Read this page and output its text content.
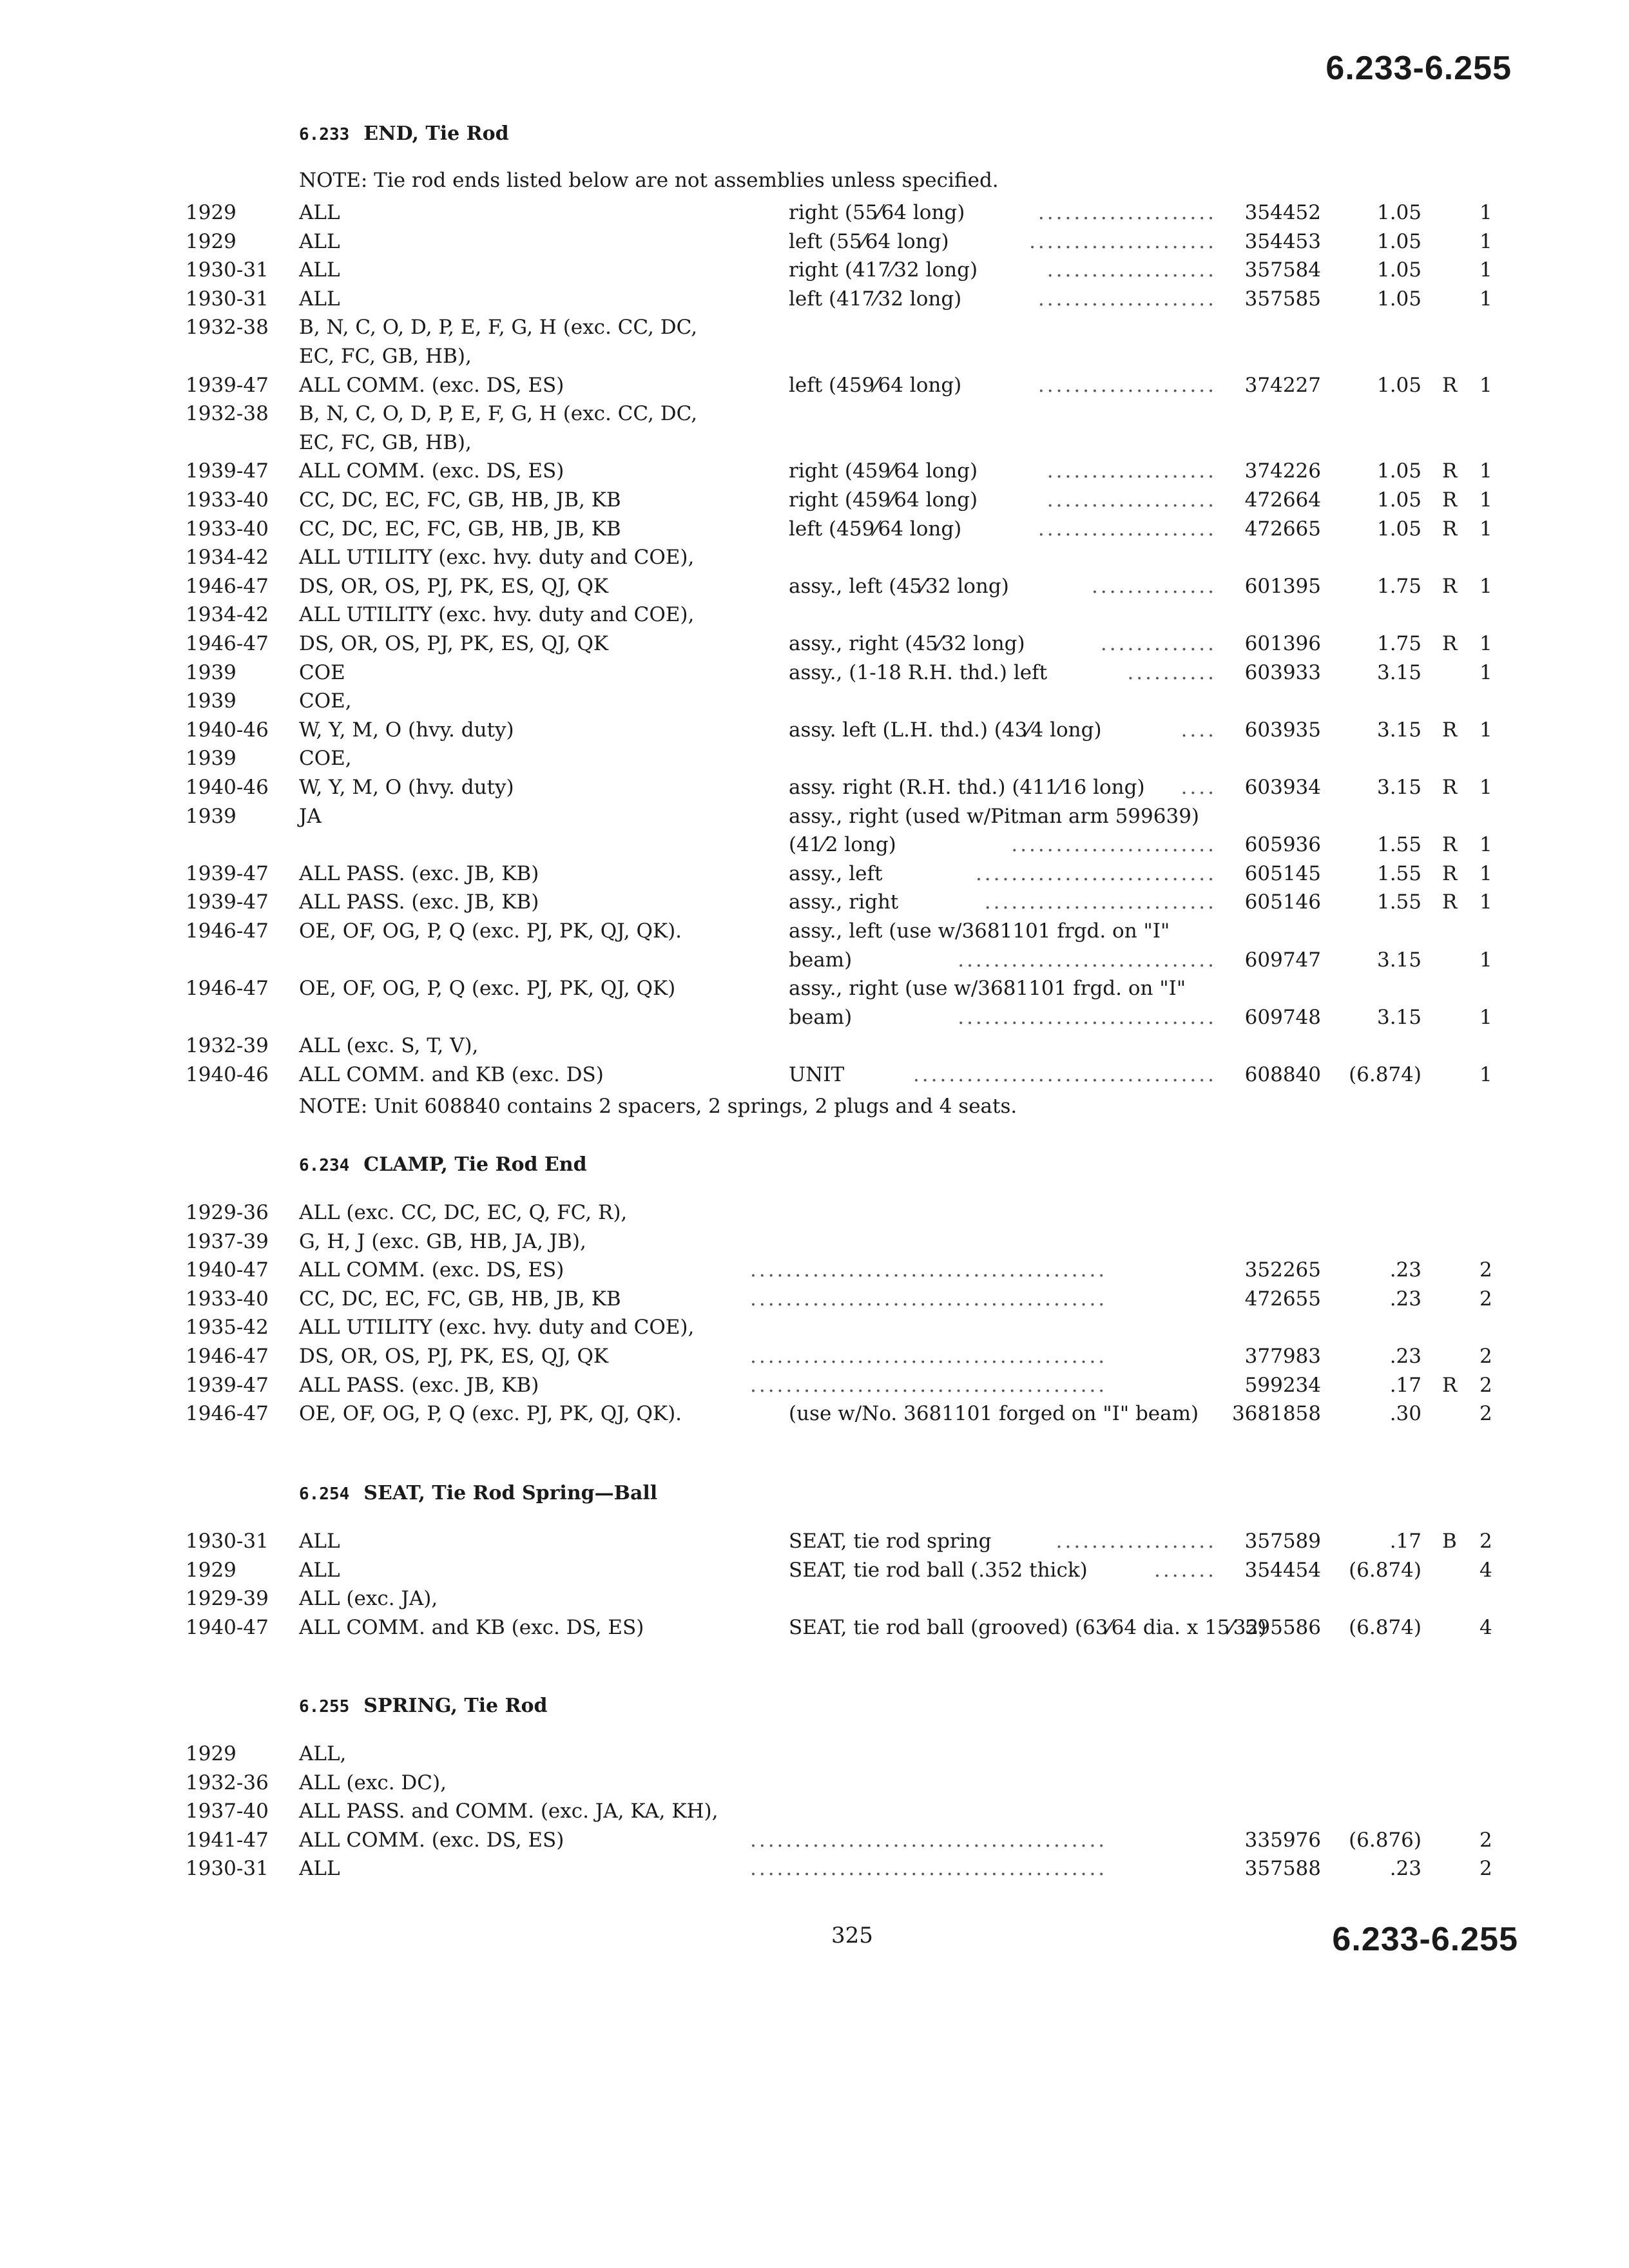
6.233-6.255
6.233 END, Tie Rod
NOTE: Tie rod ends listed below are not assemblies unless specified.
1929	ALL	right (55⁄64 long)	354452	1.05	1
....................
1929	ALL	left (55⁄64 long)	354453	1.05	1
.....................
1930-31 ALL	right (417⁄32 long)	357584	1.05	1
...................
1930-31 ALL	left (417⁄32 long)	357585	1.05	1
....................
1932-38 B, N, C, O, D, P, E, F, G, H (exc. CC, DC,
EC, FC, GB, HB),
1939-47 ALL COMM. (exc. DS, ES)	left (459⁄64 long)	374227	1.05 R 1
....................
1932-38 B, N, C, O, D, P, E, F, G, H (exc. CC, DC,
EC, FC, GB, HB),
1939-47 ALL COMM. (exc. DS, ES)	right (459⁄64 long)	374226	1.05 R 1
...................
1933-40 CC, DC, EC, FC, GB, HB, JB, KB	right (459⁄64 long)	472664	1.05 R 1
...................
1933-40 CC, DC, EC, FC, GB, HB, JB, KB	left (459⁄64 long)	472665	1.05 R 1
....................
1934-42 ALL UTILITY (exc. hvy. duty and COE),
1946-47 DS, OR, OS, PJ, PK, ES, QJ, QK	assy., left (45⁄32 long)	601395	1.75 R 1
..............
1934-42 ALL UTILITY (exc. hvy. duty and COE),
1946-47 DS, OR, OS, PJ, PK, ES, QJ, QK	assy., right (45⁄32 long)	601396	1.75 R 1
.............
1939	COE	assy., (1-18 R.H. thd.) left	603933	3.15	1
..........
1939	COE,
1940-46 W, Y, M, O (hvy. duty)	assy. left (L.H. thd.) (43⁄4 long)	603935	3.15 R 1
....
1939	COE,
1940-46 W, Y, M, O (hvy. duty)	assy. right (R.H. thd.) (411⁄16 long)	603934	3.15 R 1
....
1939	JA	assy., right (used w/Pitman arm 599639)
(41⁄2 long)	605936	1.55 R 1
.......................
1939-47 ALL PASS. (exc. JB, KB)	assy., left	605145	1.55 R 1
...........................
1939-47 ALL PASS. (exc. JB, KB)	assy., right	605146	1.55 R 1
..........................
1946-47 OE, OF, OG, P, Q (exc. PJ, PK, QJ, QK).	assy., left (use w/3681101 frgd. on "I"
beam)	609747	3.15	1
.............................
1946-47 OE, OF, OG, P, Q (exc. PJ, PK, QJ, QK)	assy., right (use w/3681101 frgd. on "I"
beam)	609748	3.15	1
.............................
1932-39 ALL (exc. S, T, V),
1940-46 ALL COMM. and KB (exc. DS)	UNIT	608840 (6.874)	1
..................................
NOTE: Unit 608840 contains 2 spacers, 2 springs, 2 plugs and 4 seats.
6.234 CLAMP, Tie Rod End
1929-36 ALL (exc. CC, DC, EC, Q, FC, R),
1937-39 G, H, J (exc. GB, HB, JA, JB),
1940-47 ALL COMM. (exc. DS, ES)	352265	.23	2
........................................
1933-40 CC, DC, EC, FC, GB, HB, JB, KB	472655	.23	2
........................................
1935-42 ALL UTILITY (exc. hvy. duty and COE),
1946-47 DS, OR, OS, PJ, PK, ES, QJ, QK	377983	.23	2
........................................
1939-47 ALL PASS. (exc. JB, KB)	599234	.17 R 2
........................................
1946-47 OE, OF, OG, P, Q (exc. PJ, PK, QJ, QK).	(use w/No. 3681101 forged on "I" beam)	3681858	.30	2
6.254 SEAT, Tie Rod Spring—Ball
1930-31 ALL	SEAT, tie rod spring	357589	.17 B 2
..................
1929	ALL	SEAT, tie rod ball (.352 thick)	354454 (6.874)	4
.......
1929-39 ALL (exc. JA),
1940-47 ALL COMM. and KB (exc. DS, ES)	SEAT, tie rod ball (grooved) (63⁄64 dia. x 15⁄32)
595586 (6.874)	4
6.255 SPRING, Tie Rod
1929	ALL,
1932-36 ALL (exc. DC),
1937-40 ALL PASS. and COMM. (exc. JA, KA, KH),
1941-47 ALL COMM. (exc. DS, ES)	335976 (6.876)	2
........................................
1930-31 ALL	357588	.23	2
........................................
325	6.233-6.255
